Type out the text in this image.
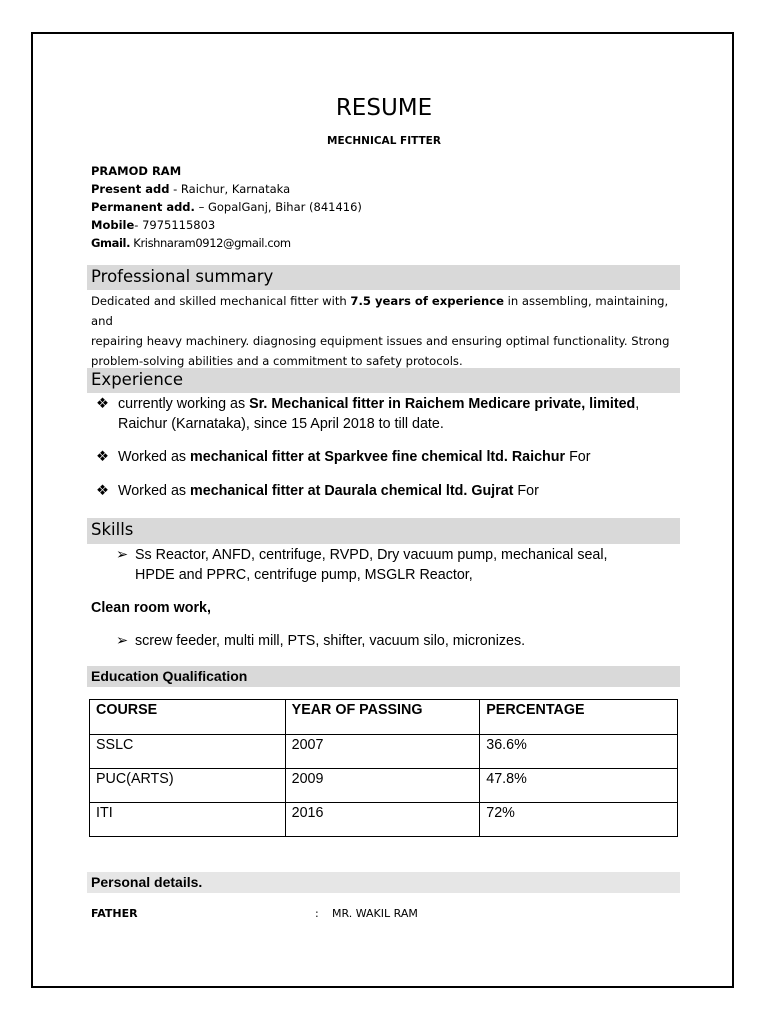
RESUME
MECHNICAL FITTER
PRAMOD RAM
Present add - Raichur, Karnataka
Permanent add. – GopalGanj, Bihar (841416)
Mobile- 7975115803
Gmail. Krishnaram0912@gmail.com
Professional summary
Dedicated and skilled mechanical fitter with 7.5 years of experience in assembling, maintaining, and
repairing heavy machinery. diagnosing equipment issues and ensuring optimal functionality. Strong
problem-solving abilities and a commitment to safety protocols.
Experience
❖ currently working as Sr. Mechanical fitter in Raichem Medicare private, limited,
Raichur (Karnataka), since 15 April 2018 to till date.
❖ Worked as mechanical fitter at Sparkvee fine chemical ltd. Raichur For
❖ Worked as mechanical fitter at Daurala chemical ltd. Gujrat For
Skills
➢ Ss Reactor, ANFD, centrifuge, RVPD, Dry vacuum pump, mechanical seal,
HPDE and PPRC, centrifuge pump, MSGLR Reactor,
Clean room work,
➢ screw feeder, multi mill, PTS, shifter, vacuum silo, micronizes.
Education Qualification
COURSE	YEAR OF PASSING	PERCENTAGE
SSLC	2007	36.6%
PUC(ARTS)	2009	47.8%
ITI	2016	72%
Personal details.
FATHER	: MR. WAKIL RAM
